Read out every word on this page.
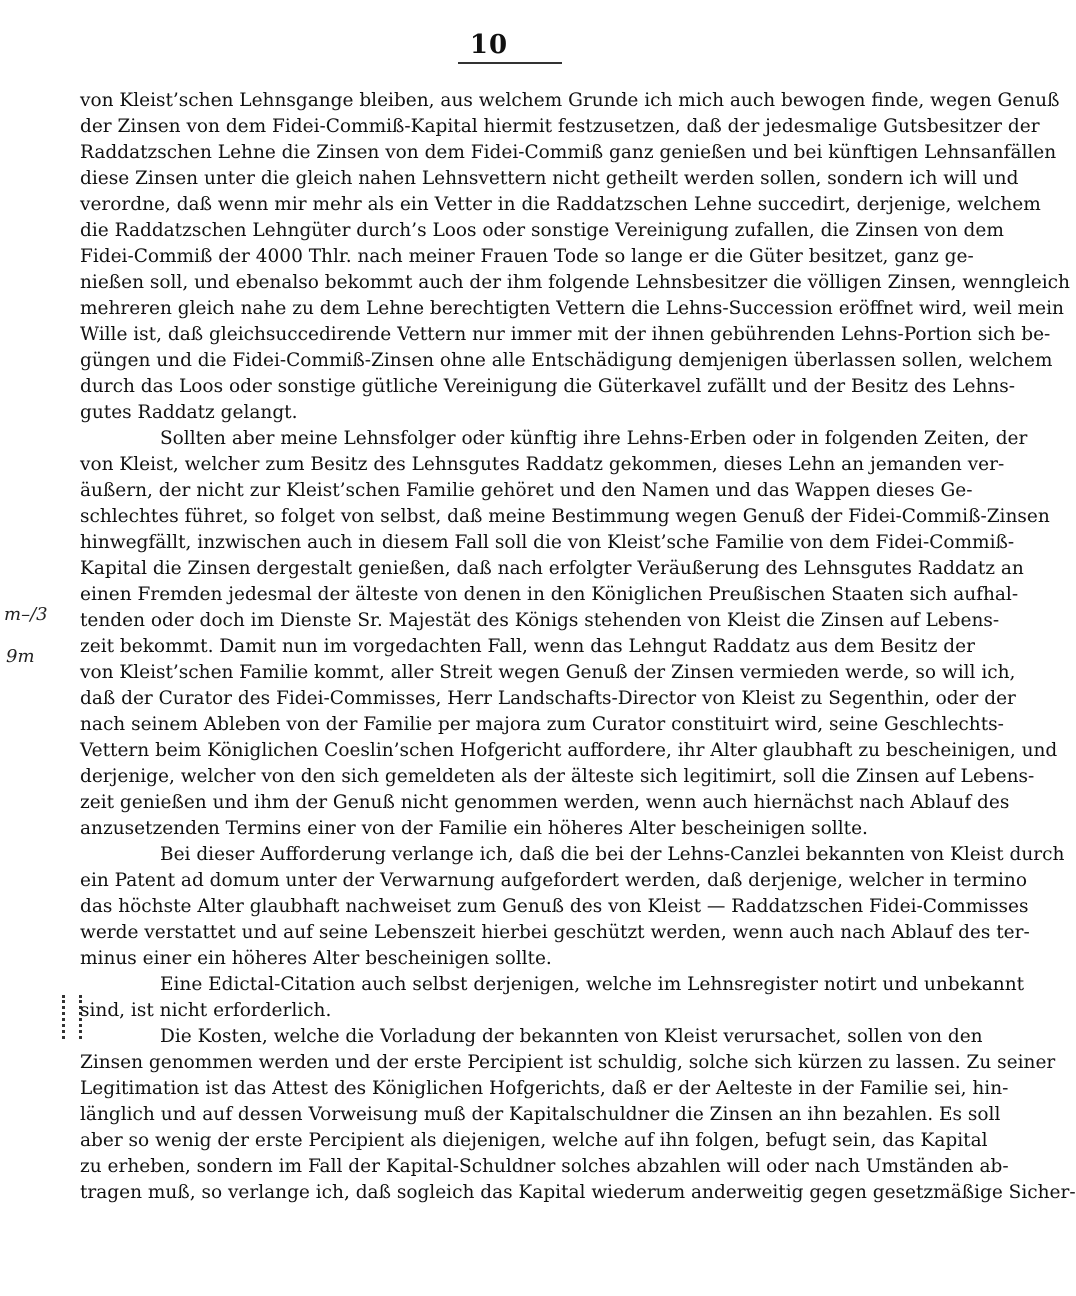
10
m–/3
9m
von Kleist’schen Lehnsgange bleiben, aus welchem Grunde ich mich auch bewogen finde, wegen Genuß
der Zinsen von dem Fidei-Commiß-Kapital hiermit festzusetzen, daß der jedesmalige Gutsbesitzer der
Raddatzschen Lehne die Zinsen von dem Fidei-Commiß ganz genießen und bei künftigen Lehnsanfällen
diese Zinsen unter die gleich nahen Lehnsvettern nicht getheilt werden sollen, sondern ich will und
verordne, daß wenn mir mehr als ein Vetter in die Raddatzschen Lehne succedirt, derjenige, welchem
die Raddatzschen Lehngüter durch’s Loos oder sonstige Vereinigung zufallen, die Zinsen von dem
Fidei-Commiß der 4000 Thlr. nach meiner Frauen Tode so lange er die Güter besitzet, ganz ge-
nießen soll, und ebenalso bekommt auch der ihm folgende Lehnsbesitzer die völligen Zinsen, wenngleich
mehreren gleich nahe zu dem Lehne berechtigten Vettern die Lehns-Succession eröffnet wird, weil mein
Wille ist, daß gleichsuccedirende Vettern nur immer mit der ihnen gebührenden Lehns-Portion sich be-
güngen und die Fidei-Commiß-Zinsen ohne alle Entschädigung demjenigen überlassen sollen, welchem
durch das Loos oder sonstige gütliche Vereinigung die Güterkavel zufällt und der Besitz des Lehns-
gutes Raddatz gelangt.
Sollten aber meine Lehnsfolger oder künftig ihre Lehns-Erben oder in folgenden Zeiten, der
von Kleist, welcher zum Besitz des Lehnsgutes Raddatz gekommen, dieses Lehn an jemanden ver-
äußern, der nicht zur Kleist’schen Familie gehöret und den Namen und das Wappen dieses Ge-
schlechtes führet, so folget von selbst, daß meine Bestimmung wegen Genuß der Fidei-Commiß-Zinsen
hinwegfällt, inzwischen auch in diesem Fall soll die von Kleist’sche Familie von dem Fidei-Commiß-
Kapital die Zinsen dergestalt genießen, daß nach erfolgter Veräußerung des Lehnsgutes Raddatz an
einen Fremden jedesmal der älteste von denen in den Königlichen Preußischen Staaten sich aufhal-
tenden oder doch im Dienste Sr. Majestät des Königs stehenden von Kleist die Zinsen auf Lebens-
zeit bekommt. Damit nun im vorgedachten Fall, wenn das Lehngut Raddatz aus dem Besitz der
von Kleist’schen Familie kommt, aller Streit wegen Genuß der Zinsen vermieden werde, so will ich,
daß der Curator des Fidei-Commisses, Herr Landschafts-Director von Kleist zu Segenthin, oder der
nach seinem Ableben von der Familie per majora zum Curator constituirt wird, seine Geschlechts-
Vettern beim Königlichen Coeslin’schen Hofgericht auffordere, ihr Alter glaubhaft zu bescheinigen, und
derjenige, welcher von den sich gemeldeten als der älteste sich legitimirt, soll die Zinsen auf Lebens-
zeit genießen und ihm der Genuß nicht genommen werden, wenn auch hiernächst nach Ablauf des
anzusetzenden Termins einer von der Familie ein höheres Alter bescheinigen sollte.
Bei dieser Aufforderung verlange ich, daß die bei der Lehns-Canzlei bekannten von Kleist durch
ein Patent ad domum unter der Verwarnung aufgefordert werden, daß derjenige, welcher in termino
das höchste Alter glaubhaft nachweiset zum Genuß des von Kleist — Raddatzschen Fidei-Commisses
werde verstattet und auf seine Lebenszeit hierbei geschützt werden, wenn auch nach Ablauf des ter-
minus einer ein höheres Alter bescheinigen sollte.
Eine Edictal-Citation auch selbst derjenigen, welche im Lehnsregister notirt und unbekannt
sind, ist nicht erforderlich.
Die Kosten, welche die Vorladung der bekannten von Kleist verursachet, sollen von den
Zinsen genommen werden und der erste Percipient ist schuldig, solche sich kürzen zu lassen. Zu seiner
Legitimation ist das Attest des Königlichen Hofgerichts, daß er der Aelteste in der Familie sei, hin-
länglich und auf dessen Vorweisung muß der Kapitalschuldner die Zinsen an ihn bezahlen. Es soll
aber so wenig der erste Percipient als diejenigen, welche auf ihn folgen, befugt sein, das Kapital
zu erheben, sondern im Fall der Kapital-Schuldner solches abzahlen will oder nach Umständen ab-
tragen muß, so verlange ich, daß sogleich das Kapital wiederum anderweitig gegen gesetzmäßige Sicher-
